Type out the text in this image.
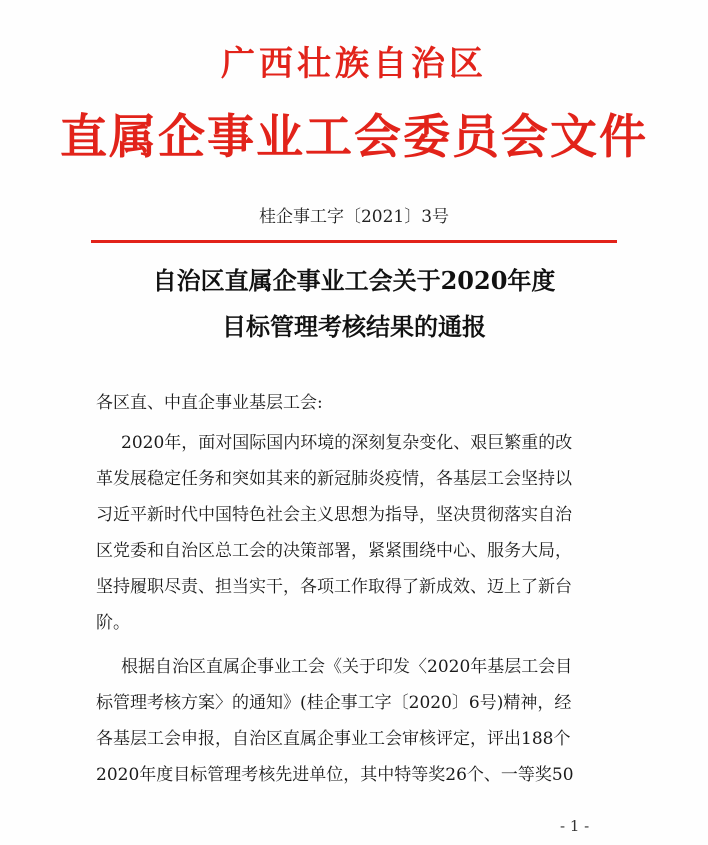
广西壮族自治区
直属企事业工会委员会文件
桂企事工字〔2021〕3号
自治区直属企事业工会关于2020年度
目标管理考核结果的通报
各区直、中直企事业基层工会:
2020年，面对国际国内环境的深刻复杂变化、艰巨繁重的改
革发展稳定任务和突如其来的新冠肺炎疫情，各基层工会坚持以
习近平新时代中国特色社会主义思想为指导，坚决贯彻落实自治
区党委和自治区总工会的决策部署，紧紧围绕中心、服务大局，
坚持履职尽责、担当实干，各项工作取得了新成效、迈上了新台
阶。
根据自治区直属企事业工会《关于印发〈2020年基层工会目
标管理考核方案〉的通知》(桂企事工字〔2020〕6号)精神，经
各基层工会申报，自治区直属企事业工会审核评定，评出188个
2020年度目标管理考核先进单位，其中特等奖26个、一等奖50
- 1 -
